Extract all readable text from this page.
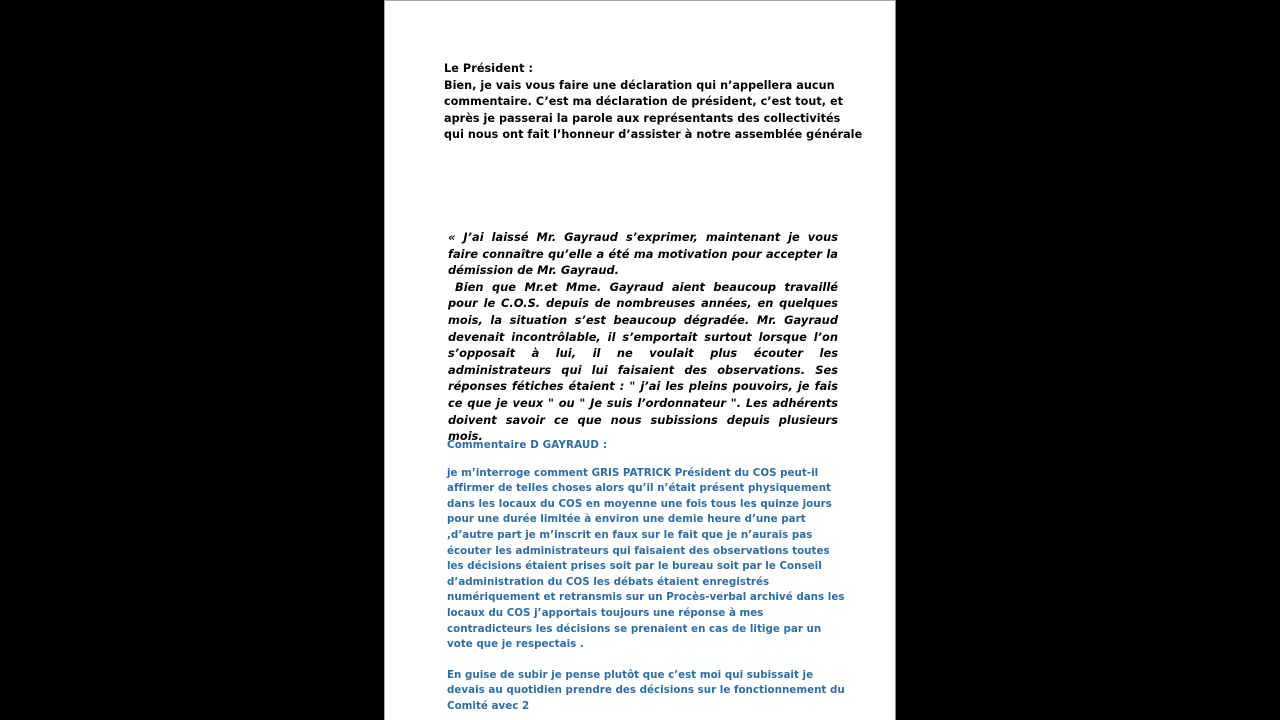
Le Président :
Bien, je vais vous faire une déclaration qui n’appellera aucun
commentaire. C’est ma déclaration de président, c’est tout, et
après je passerai la parole aux représentants des collectivités
qui nous ont fait l’honneur d’assister à notre assemblée générale

« J’ai laissé Mr. Gayraud s’exprimer, maintenant je vous faire connaître qu’elle a été ma motivation pour accepter la démission de Mr. Gayraud.

Bien que Mr.et Mme. Gayraud aient beaucoup travaillé pour le C.O.S. depuis de nombreuses années, en quelques mois, la situation s’est beaucoup dégradée. Mr. Gayraud devenait incontrôlable, il s’emportait surtout lorsque l’on s’opposait à lui, il ne voulait plus écouter les administrateurs qui lui faisaient des observations. Ses réponses fétiches étaient : " j’ai les pleins pouvoirs, je fais ce que je veux " ou " Je suis l’ordonnateur ". Les adhérents doivent savoir ce que nous subissions depuis plusieurs mois.

Commentaire D GAYRAUD :

je m’interroge comment GRIS PATRICK Président du COS peut-il affirmer de telles choses alors qu’il n’était présent physiquement dans les locaux du COS en moyenne une fois tous les quinze jours pour une durée limitée à environ une demie heure d’une part ,d’autre part je m’inscrit en faux sur le fait que je n’aurais pas écouter les administrateurs qui faisaient des observations toutes les décisions étaient prises soit par le bureau soit par le Conseil d’administration du COS les débats étaient enregistrés numériquement et retransmis sur un Procès-verbal archivé dans les locaux du COS j’apportais toujours une réponse à mes contradicteurs les décisions se prenaient en cas de litige par un vote que je respectais .

En guise de subir je pense plutôt que c’est moi qui subissait je devais au quotidien prendre des décisions sur le fonctionnement du Comité avec 2
